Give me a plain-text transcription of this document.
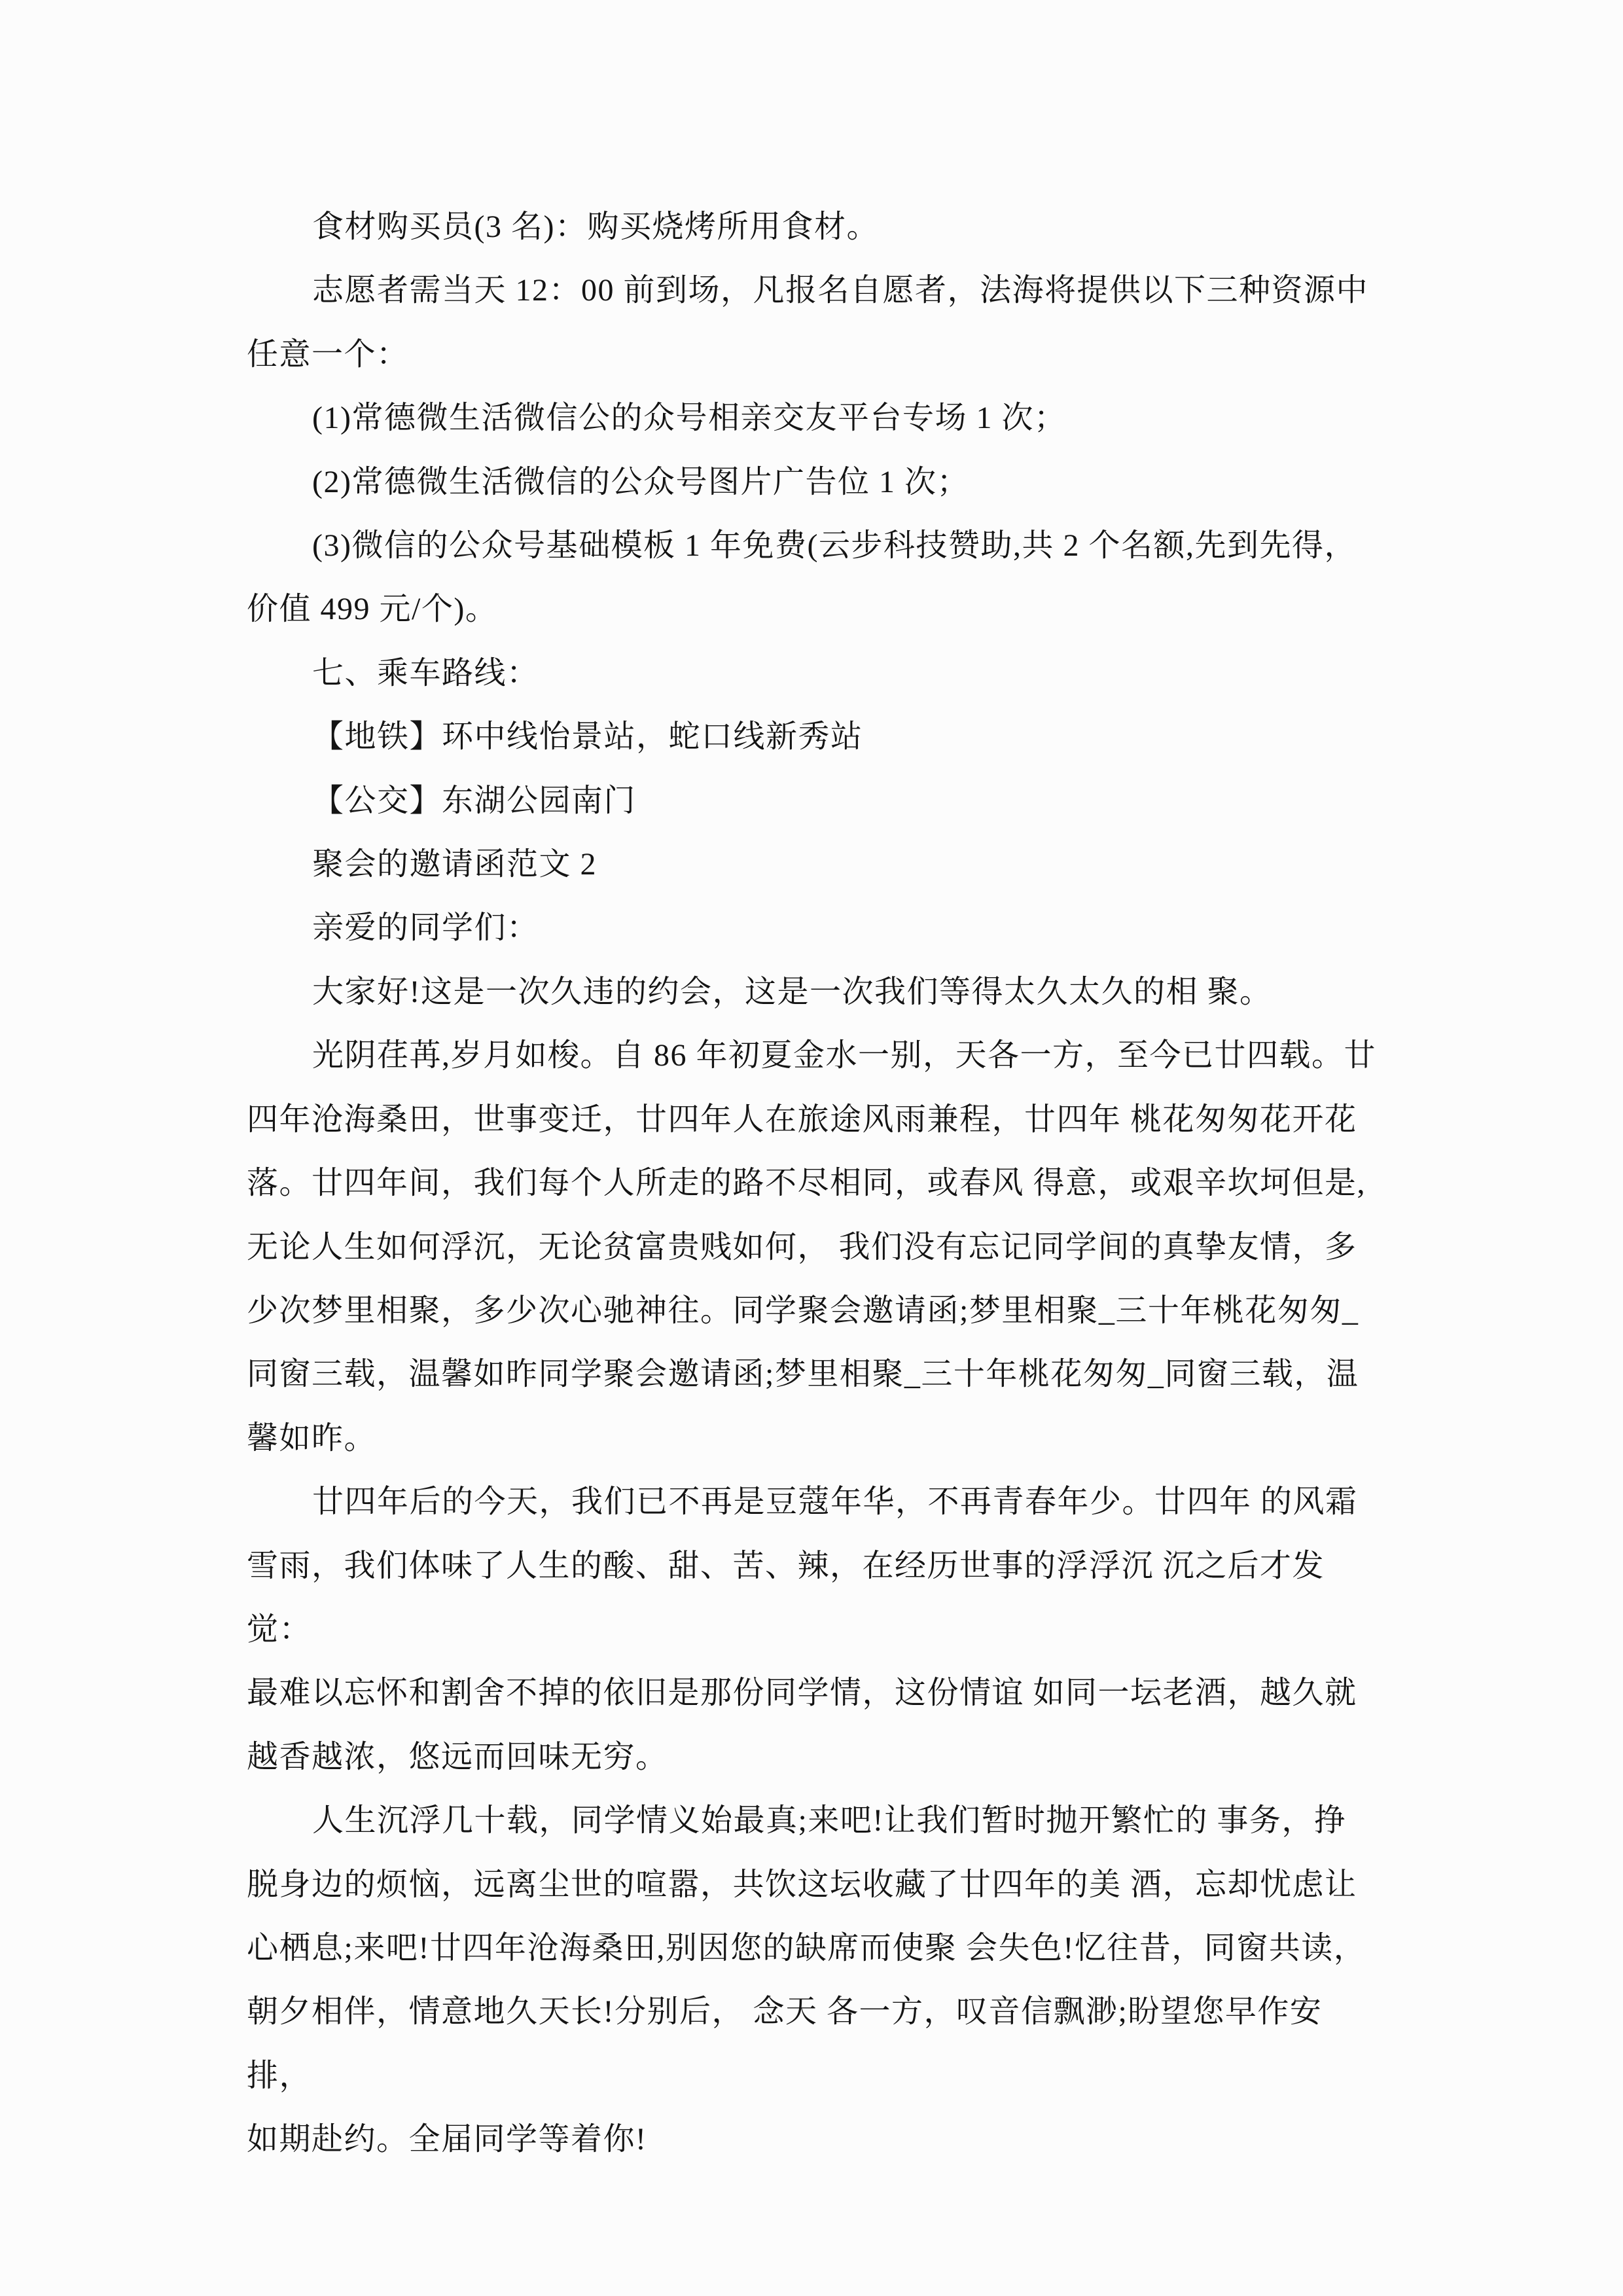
食材购买员(3 名)：购买烧烤所用食材。
志愿者需当天 12：00 前到场，凡报名自愿者，法海将提供以下三种资源中
任意一个：
(1)常德微生活微信公的众号相亲交友平台专场 1 次；
(2)常德微生活微信的公众号图片广告位 1 次；
(3)微信的公众号基础模板 1 年免费(云步科技赞助,共 2 个名额,先到先得，
价值 499 元/个)。
七、乘车路线：
【地铁】环中线怡景站，蛇口线新秀站
【公交】东湖公园南门
聚会的邀请函范文 2
亲爱的同学们：
大家好!这是一次久违的约会，这是一次我们等得太久太久的相 聚。
光阴荏苒,岁月如梭。自 86 年初夏金水一别，天各一方，至今已廿四载。廿
四年沧海桑田，世事变迁，廿四年人在旅途风雨兼程，廿四年 桃花匆匆花开花
落。廿四年间，我们每个人所走的路不尽相同，或春风 得意，或艰辛坎坷但是,
无论人生如何浮沉，无论贫富贵贱如何， 我们没有忘记同学间的真挚友情，多
少次梦里相聚，多少次心驰神往。同学聚会邀请函;梦里相聚_三十年桃花匆匆_
同窗三载，温馨如昨同学聚会邀请函;梦里相聚_三十年桃花匆匆_同窗三载，温
馨如昨。
廿四年后的今天，我们已不再是豆蔻年华，不再青春年少。廿四年 的风霜
雪雨，我们体味了人生的酸、甜、苦、辣，在经历世事的浮浮沉 沉之后才发觉：
最难以忘怀和割舍不掉的依旧是那份同学情，这份情谊 如同一坛老酒，越久就
越香越浓，悠远而回味无穷。
人生沉浮几十载，同学情义始最真;来吧!让我们暂时抛开繁忙的 事务，挣
脱身边的烦恼，远离尘世的喧嚣，共饮这坛收藏了廿四年的美 酒，忘却忧虑让
心栖息;来吧!廿四年沧海桑田,别因您的缺席而使聚 会失色!忆往昔，同窗共读，
朝夕相伴，情意地久天长!分别后， 念天 各一方，叹音信飘渺;盼望您早作安排，
如期赴约。全届同学等着你!
